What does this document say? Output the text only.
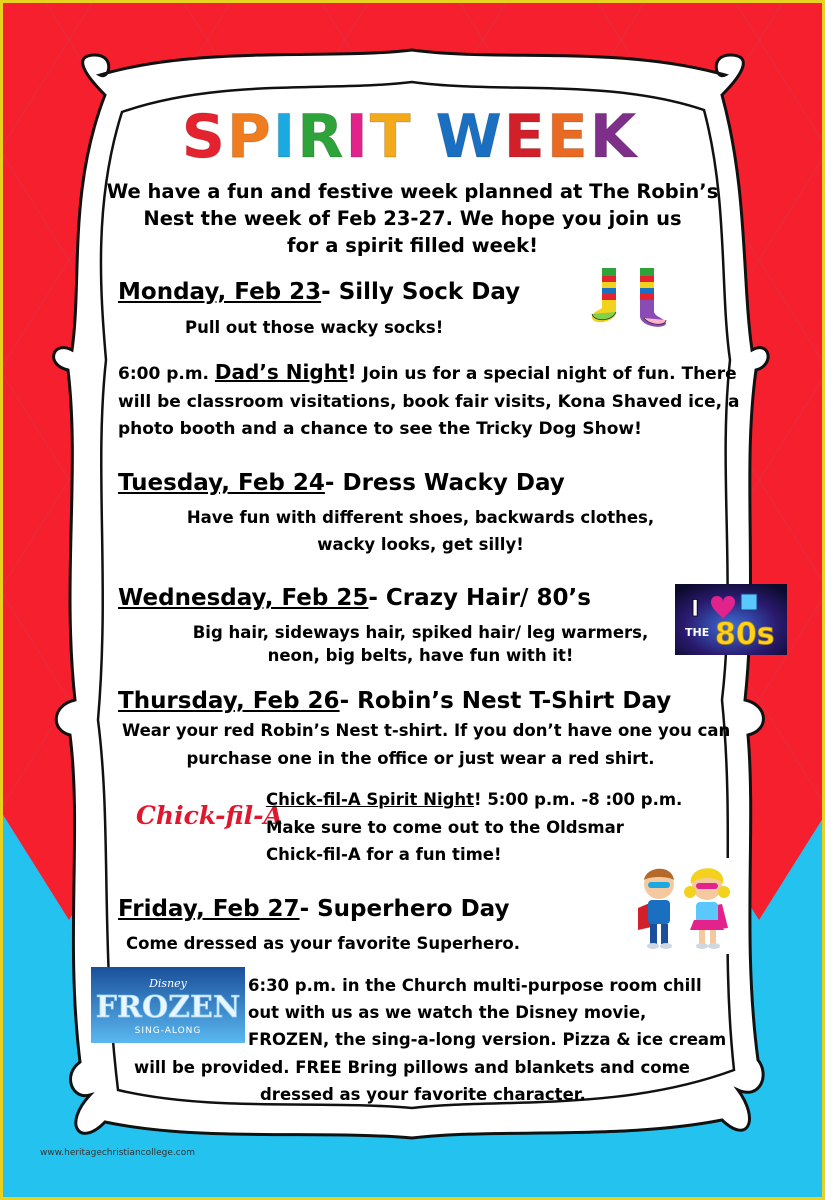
SPIRIT WEEK
We have a fun and festive week planned at The Robin’s
Nest the week of Feb 23-27. We hope you join us
for a spirit filled week!
Monday, Feb 23- Silly Sock Day
Pull out those wacky socks!
6:00 p.m. Dad’s Night! Join us for a special night of fun. There
will be classroom visitations, book fair visits, Kona Shaved ice, a
photo booth and a chance to see the Tricky Dog Show!
Tuesday, Feb 24- Dress Wacky Day
Have fun with different shoes, backwards clothes,
wacky looks, get silly!
Wednesday, Feb 25- Crazy Hair/ 80’s	I
THE 80s
Big hair, sideways hair, spiked hair/ leg warmers,
neon, big belts, have fun with it!
Thursday, Feb 26- Robin’s Nest T-Shirt Day
Wear your red Robin’s Nest t-shirt. If you don’t have one you can
purchase one in the office or just wear a red shirt.
Chick-fil-A
Chick-fil-A Spirit Night! 5:00 p.m. -8 :00 p.m.
Make sure to come out to the Oldsmar
Chick-fil-A for a fun time!
Friday, Feb 27- Superhero Day
Come dressed as your favorite Superhero.
Disney
FROZEN
SING-ALONG
6:30 p.m. in the Church multi-purpose room chill
out with us as we watch the Disney movie,
FROZEN, the sing-a-long version. Pizza & ice cream
will be provided. FREE Bring pillows and blankets and come
dressed as your favorite character.
www.heritagechristiancollege.com
